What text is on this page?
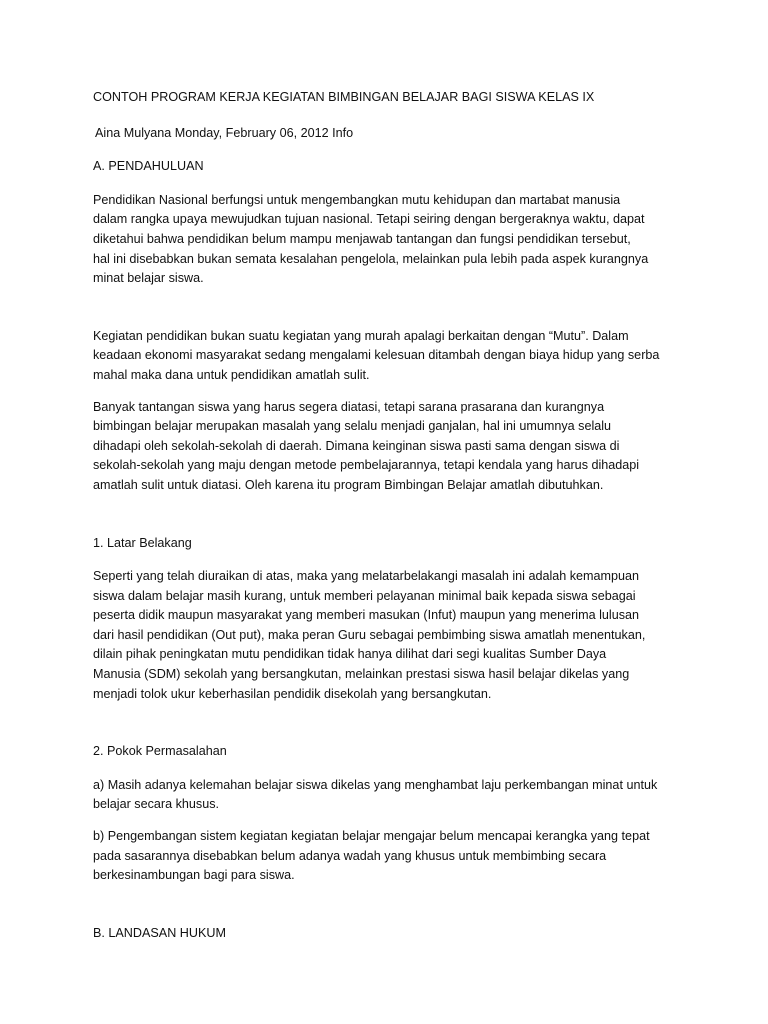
CONTOH PROGRAM KERJA KEGIATAN BIMBINGAN BELAJAR BAGI SISWA KELAS IX

Aina Mulyana Monday, February 06, 2012 Info

A. PENDAHULUAN

Pendidikan Nasional berfungsi untuk mengembangkan mutu kehidupan dan martabat manusia
dalam rangka upaya mewujudkan tujuan nasional. Tetapi seiring dengan bergeraknya waktu, dapat
diketahui bahwa pendidikan belum mampu menjawab tantangan dan fungsi pendidikan tersebut,
hal ini disebabkan bukan semata kesalahan pengelola, melainkan pula lebih pada aspek kurangnya
minat belajar siswa.

Kegiatan pendidikan bukan suatu kegiatan yang murah apalagi berkaitan dengan “Mutu”. Dalam
keadaan ekonomi masyarakat sedang mengalami kelesuan ditambah dengan biaya hidup yang serba
mahal maka dana untuk pendidikan amatlah sulit.

Banyak tantangan siswa yang harus segera diatasi, tetapi sarana prasarana dan kurangnya
bimbingan belajar merupakan masalah yang selalu menjadi ganjalan, hal ini umumnya selalu
dihadapi oleh sekolah-sekolah di daerah. Dimana keinginan siswa pasti sama dengan siswa di
sekolah-sekolah yang maju dengan metode pembelajarannya, tetapi kendala yang harus dihadapi
amatlah sulit untuk diatasi. Oleh karena itu program Bimbingan Belajar amatlah dibutuhkan.

1. Latar Belakang

Seperti yang telah diuraikan di atas, maka yang melatarbelakangi masalah ini adalah kemampuan
siswa dalam belajar masih kurang, untuk memberi pelayanan minimal baik kepada siswa sebagai
peserta didik maupun masyarakat yang memberi masukan (Infut) maupun yang menerima lulusan
dari hasil pendidikan (Out put), maka peran Guru sebagai pembimbing siswa amatlah menentukan,
dilain pihak peningkatan mutu pendidikan tidak hanya dilihat dari segi kualitas Sumber Daya
Manusia (SDM) sekolah yang bersangkutan, melainkan prestasi siswa hasil belajar dikelas yang
menjadi tolok ukur keberhasilan pendidik disekolah yang bersangkutan.

2. Pokok Permasalahan

a) Masih adanya kelemahan belajar siswa dikelas yang menghambat laju perkembangan minat untuk
belajar secara khusus.

b) Pengembangan sistem kegiatan kegiatan belajar mengajar belum mencapai kerangka yang tepat
pada sasarannya disebabkan belum adanya wadah yang khusus untuk membimbing secara
berkesinambungan bagi para siswa.

B. LANDASAN HUKUM
